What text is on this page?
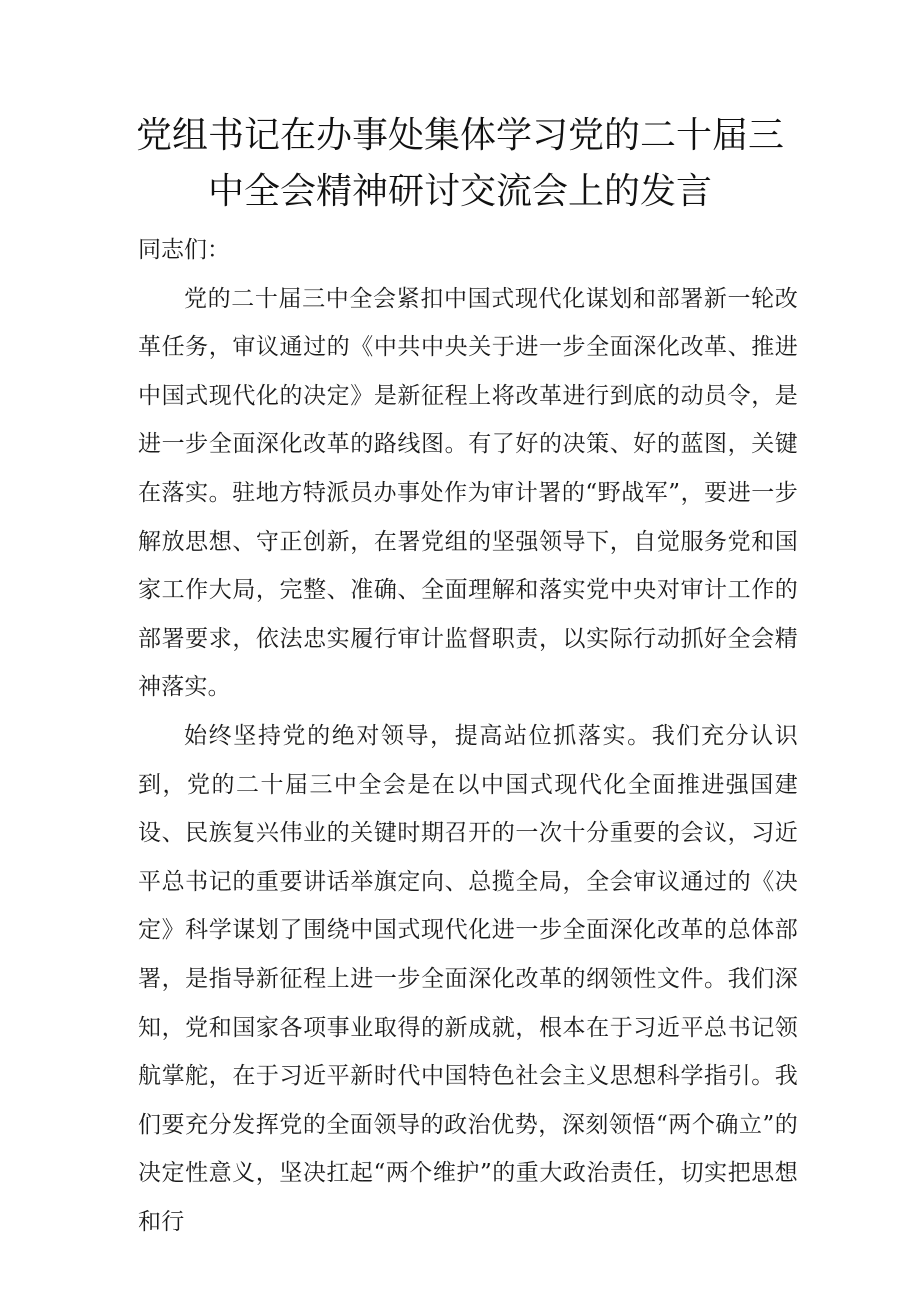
党组书记在办事处集体学习党的二十届三
中全会精神研讨交流会上的发言

同志们：

党的二十届三中全会紧扣中国式现代化谋划和部署新一轮改革任务，审议通过的《中共中央关于进一步全面深化改革、推进中国式现代化的决定》是新征程上将改革进行到底的动员令，是进一步全面深化改革的路线图。有了好的决策、好的蓝图，关键在落实。驻地方特派员办事处作为审计署的“野战军”，要进一步解放思想、守正创新，在署党组的坚强领导下，自觉服务党和国家工作大局，完整、准确、全面理解和落实党中央对审计工作的部署要求，依法忠实履行审计监督职责，以实际行动抓好全会精神落实。

始终坚持党的绝对领导，提高站位抓落实。我们充分认识到，党的二十届三中全会是在以中国式现代化全面推进强国建设、民族复兴伟业的关键时期召开的一次十分重要的会议，习近平总书记的重要讲话举旗定向、总揽全局，全会审议通过的《决定》科学谋划了围绕中国式现代化进一步全面深化改革的总体部署，是指导新征程上进一步全面深化改革的纲领性文件。我们深知，党和国家各项事业取得的新成就，根本在于习近平总书记领航掌舵，在于习近平新时代中国特色社会主义思想科学指引。我们要充分发挥党的全面领导的政治优势，深刻领悟“两个确立”的决定性意义，坚决扛起“两个维护”的重大政治责任，切实把思想和行
